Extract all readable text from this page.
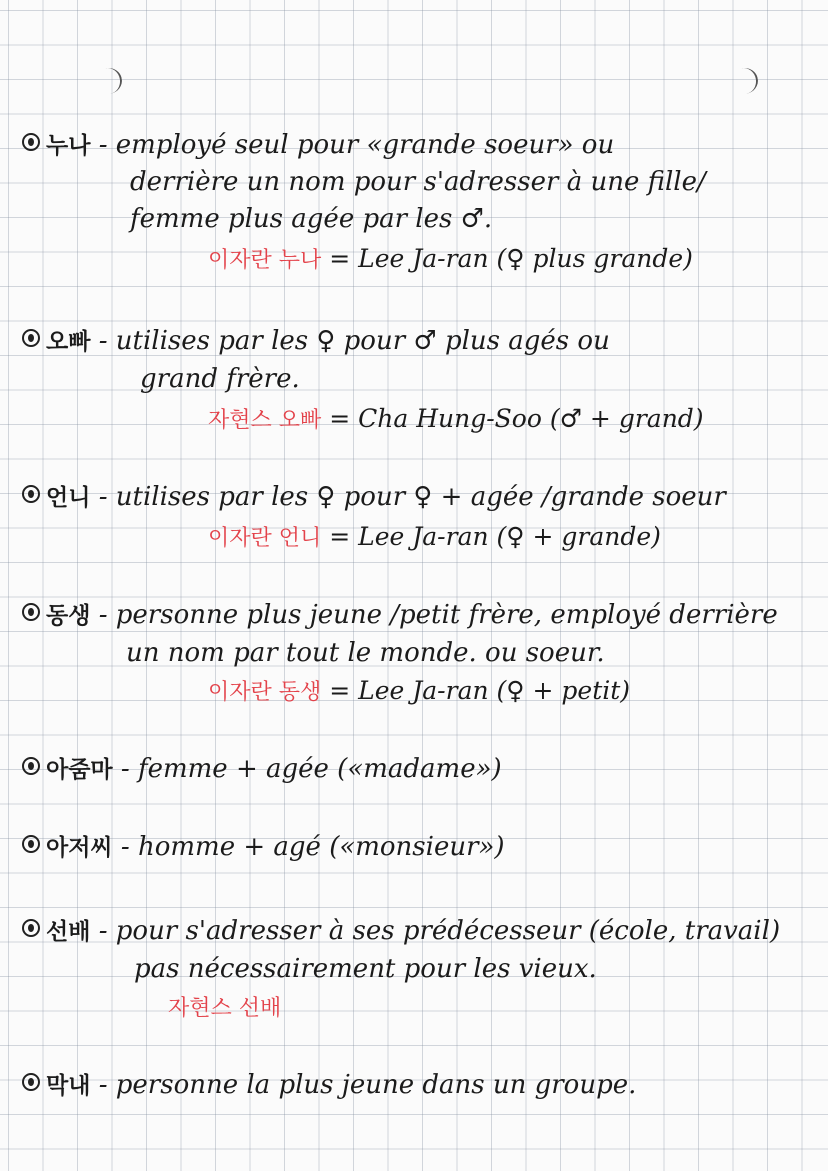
누나 - employé seul pour «grande soeur» ou
derrière un nom pour s'adresser à une fille/
femme plus agée par les ♂.
이자란 누나 = Lee Ja-ran (♀ plus grande)
오빠 - utilises par les ♀ pour ♂ plus agés ou
grand frère.
자현스 오빠 = Cha Hung-Soo (♂ + grand)
언니 - utilises par les ♀ pour ♀ + agée /grande soeur
이자란 언니 = Lee Ja-ran (♀ + grande)
동생 - personne plus jeune /petit frère, employé derrière
un nom par tout le monde. ou soeur.
이자란 동생 = Lee Ja-ran (♀ + petit)
아줌마 - femme + agée («madame»)
아저씨 - homme + agé («monsieur»)
선배 - pour s'adresser à ses prédécesseur (école, travail)
pas nécessairement pour les vieux.
자현스 선배
막내 - personne la plus jeune dans un groupe.
